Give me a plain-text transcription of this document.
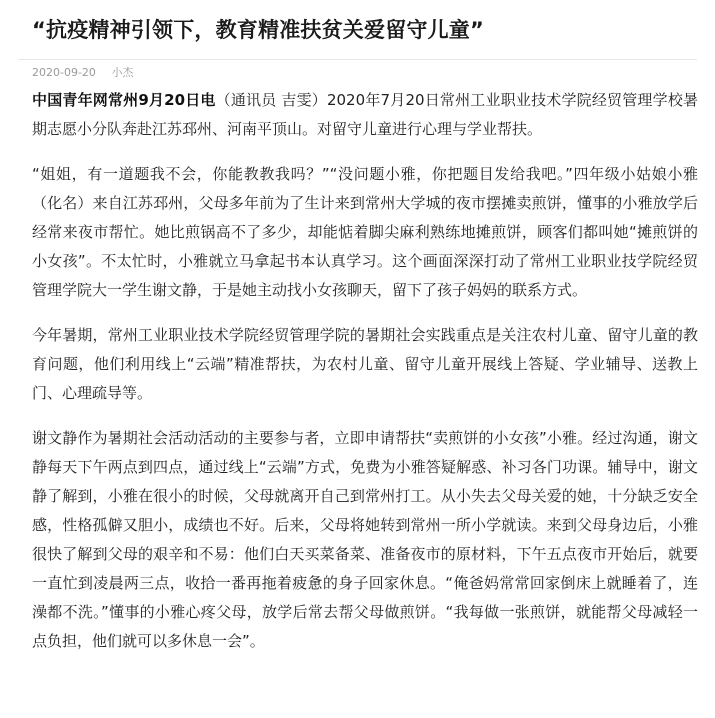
“抗疫精神引领下，教育精准扶贫关爱留守儿童”
2020-09-20 小杰

中国青年网常州9月20日电（通讯员 吉雯）2020年7月20日常州工业职业技术学院经贸管理学校暑期志愿小分队奔赴江苏邳州、河南平顶山。对留守儿童进行心理与学业帮扶。

“姐姐，有一道题我不会，你能教教我吗？”“没问题小雅，你把题目发给我吧。”四年级小姑娘小雅（化名）来自江苏邳州，父母多年前为了生计来到常州大学城的夜市摆摊卖煎饼，懂事的小雅放学后经常来夜市帮忙。她比煎锅高不了多少，却能惦着脚尖麻利熟练地摊煎饼，顾客们都叫她“摊煎饼的小女孩”。不太忙时，小雅就立马拿起书本认真学习。这个画面深深打动了常州工业职业技学院经贸管理学院大一学生谢文静，于是她主动找小女孩聊天，留下了孩子妈妈的联系方式。

今年暑期，常州工业职业技术学院经贸管理学院的暑期社会实践重点是关注农村儿童、留守儿童的教育问题，他们利用线上“云端”精准帮扶，为农村儿童、留守儿童开展线上答疑、学业辅导、送教上门、心理疏导等。

谢文静作为暑期社会活动活动的主要参与者，立即申请帮扶“卖煎饼的小女孩”小雅。经过沟通，谢文静每天下午两点到四点，通过线上“云端”方式，免费为小雅答疑解惑、补习各门功课。辅导中，谢文静了解到，小雅在很小的时候，父母就离开自己到常州打工。从小失去父母关爱的她，十分缺乏安全感，性格孤僻又胆小，成绩也不好。后来，父母将她转到常州一所小学就读。来到父母身边后，小雅很快了解到父母的艰辛和不易：他们白天买菜备菜、准备夜市的原材料，下午五点夜市开始后，就要一直忙到凌晨两三点，收拾一番再拖着疲惫的身子回家休息。“俺爸妈常常回家倒床上就睡着了，连澡都不洗。”懂事的小雅心疼父母，放学后常去帮父母做煎饼。“我每做一张煎饼，就能帮父母减轻一点负担，他们就可以多休息一会”。
